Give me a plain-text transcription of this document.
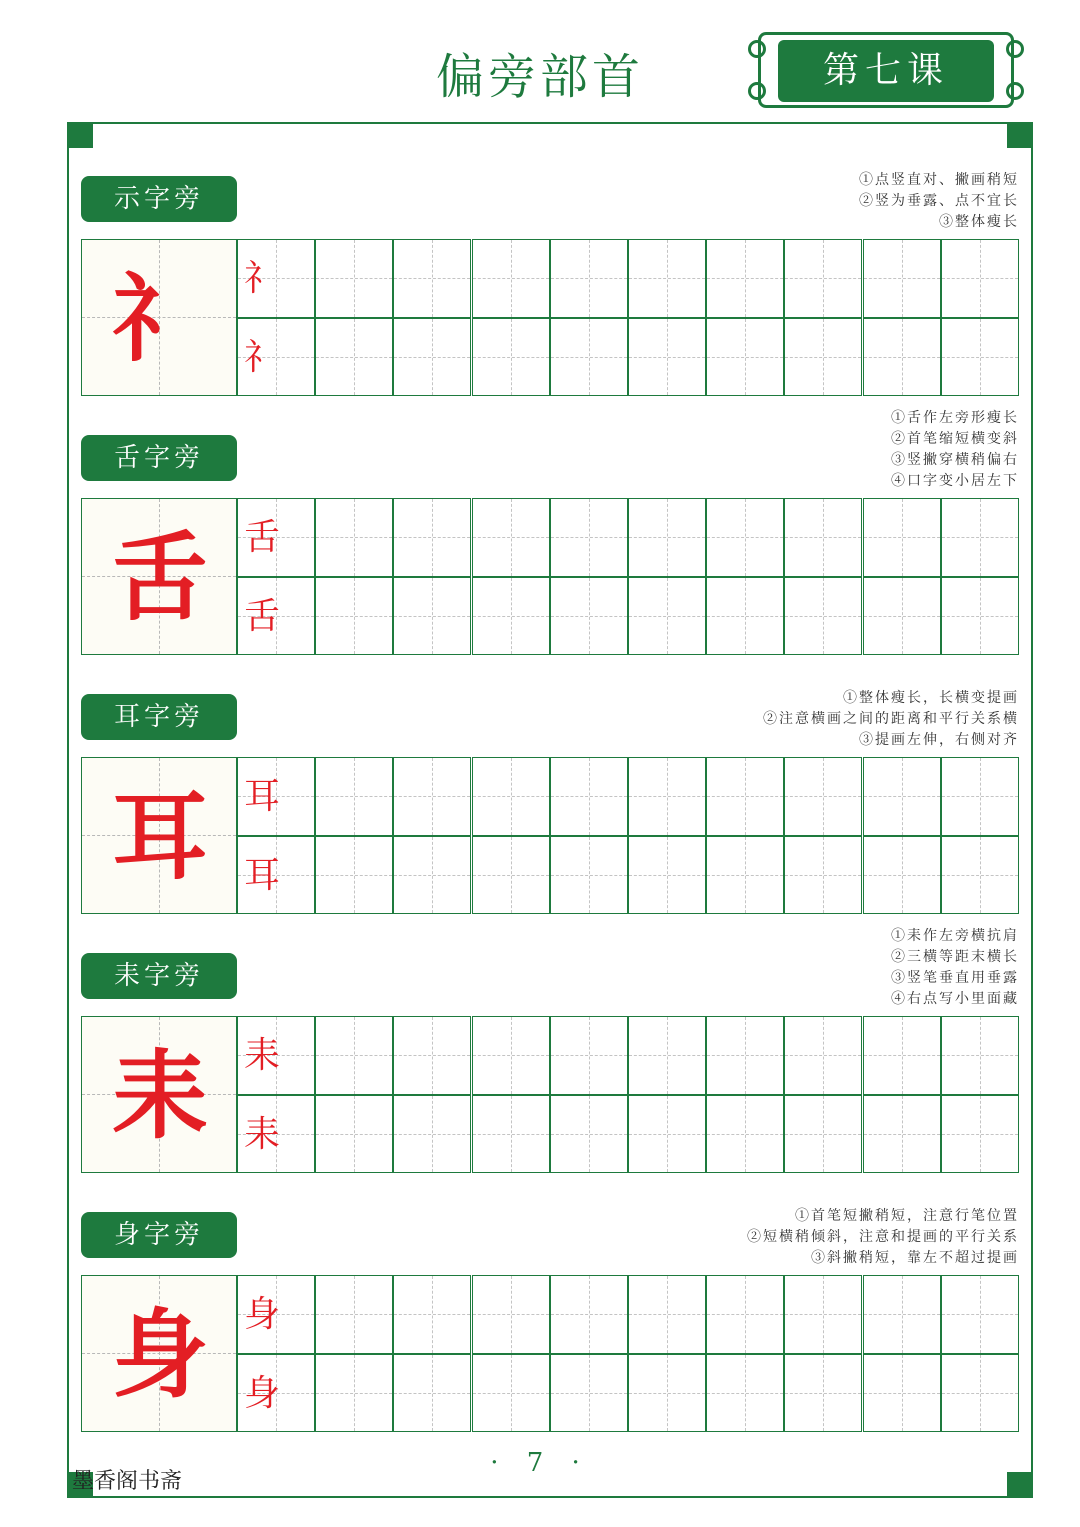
偏旁部首	第七课
示字旁
①点竖直对、撇画稍短
②竖为垂露、点不宜长
③整体瘦长
礻 礻
礻
舌字旁
①舌作左旁形瘦长
②首笔缩短横变斜
③竖撇穿横稍偏右
④口字变小居左下
舌 舌
舌
耳字旁
①整体瘦长，长横变提画
②注意横画之间的距离和平行关系横
③提画左伸，右侧对齐
耳 耳
耳
耒字旁
①耒作左旁横抗肩
②三横等距末横长
③竖笔垂直用垂露
④右点写小里面藏
耒 耒
耒
身字旁
①首笔短撇稍短，注意行笔位置
②短横稍倾斜，注意和提画的平行关系
③斜撇稍短，靠左不超过提画
身 身
身
· 7 ·
墨香阁书斋
